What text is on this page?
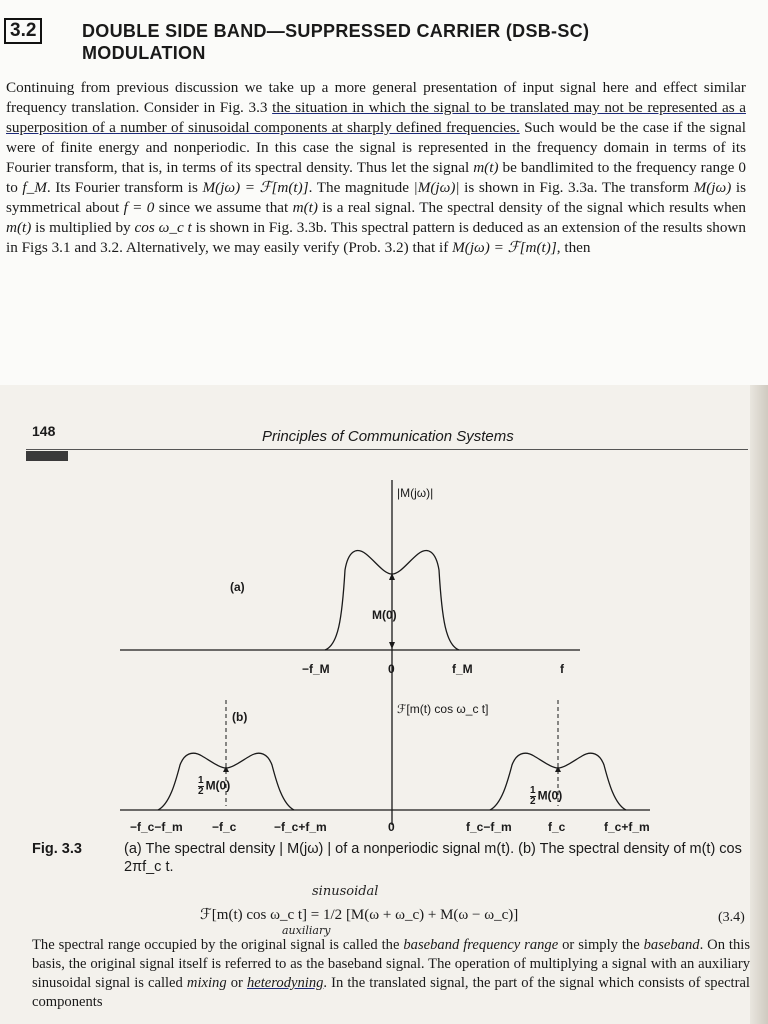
3.2	DOUBLE SIDE BAND—SUPPRESSED CARRIER (DSB-SC)
MODULATION
Continuing from previous discussion we take up a more general presentation of input signal here and effect similar frequency translation. Consider in Fig. 3.3 the situation in which the signal to be translated may not be represented as a superposition of a number of sinusoidal components at sharply defined frequencies. Such would be the case if the signal were of finite energy and nonperiodic. In this case the signal is represented in the frequency domain in terms of its Fourier transform, that is, in terms of its spectral density. Thus let the signal m(t) be bandlimited to the frequency range 0 to f_M. Its Fourier transform is M(jω) = ℱ[m(t)]. The magnitude |M(jω)| is shown in Fig. 3.3a. The transform M(jω) is symmetrical about f = 0 since we assume that m(t) is a real signal. The spectral density of the signal which results when m(t) is multiplied by cos ω_c t is shown in Fig. 3.3b. This spectral pattern is deduced as an extension of the results shown in Figs 3.1 and 3.2. Alternatively, we may easily verify (Prob. 3.2) that if M(jω) = ℱ[m(t)], then
148	Principles of Communication Systems
|M(jω)|
(a)
M(0)
−f_M	0	f_M	f
(b)
ℱ[m(t) cos ω_c t]
$\frac{1}{2} M(0)$
$\frac{1}{2} M(0)$
−f_c−f_m −f_c	−f_c+f_m	0	f_c−f_m	f_c	f_c+f_m
Fig. 3.3	(a) The spectral density | M(jω) | of a nonperiodic signal m(t). (b) The spectral density of m(t) cos 2πf_c t.
sinusoidal
auxiliary
ℱ[m(t) cos ω_c t] = 1/2 [M(ω + ω_c) + M(ω − ω_c)]	(3.4)
The spectral range occupied by the original signal is called the baseband frequency range or simply the baseband. On this basis, the original signal itself is referred to as the baseband signal. The operation of multiplying a signal with an auxiliary sinusoidal signal is called mixing or heterodyning. In the translated signal, the part of the signal which consists of spectral components
